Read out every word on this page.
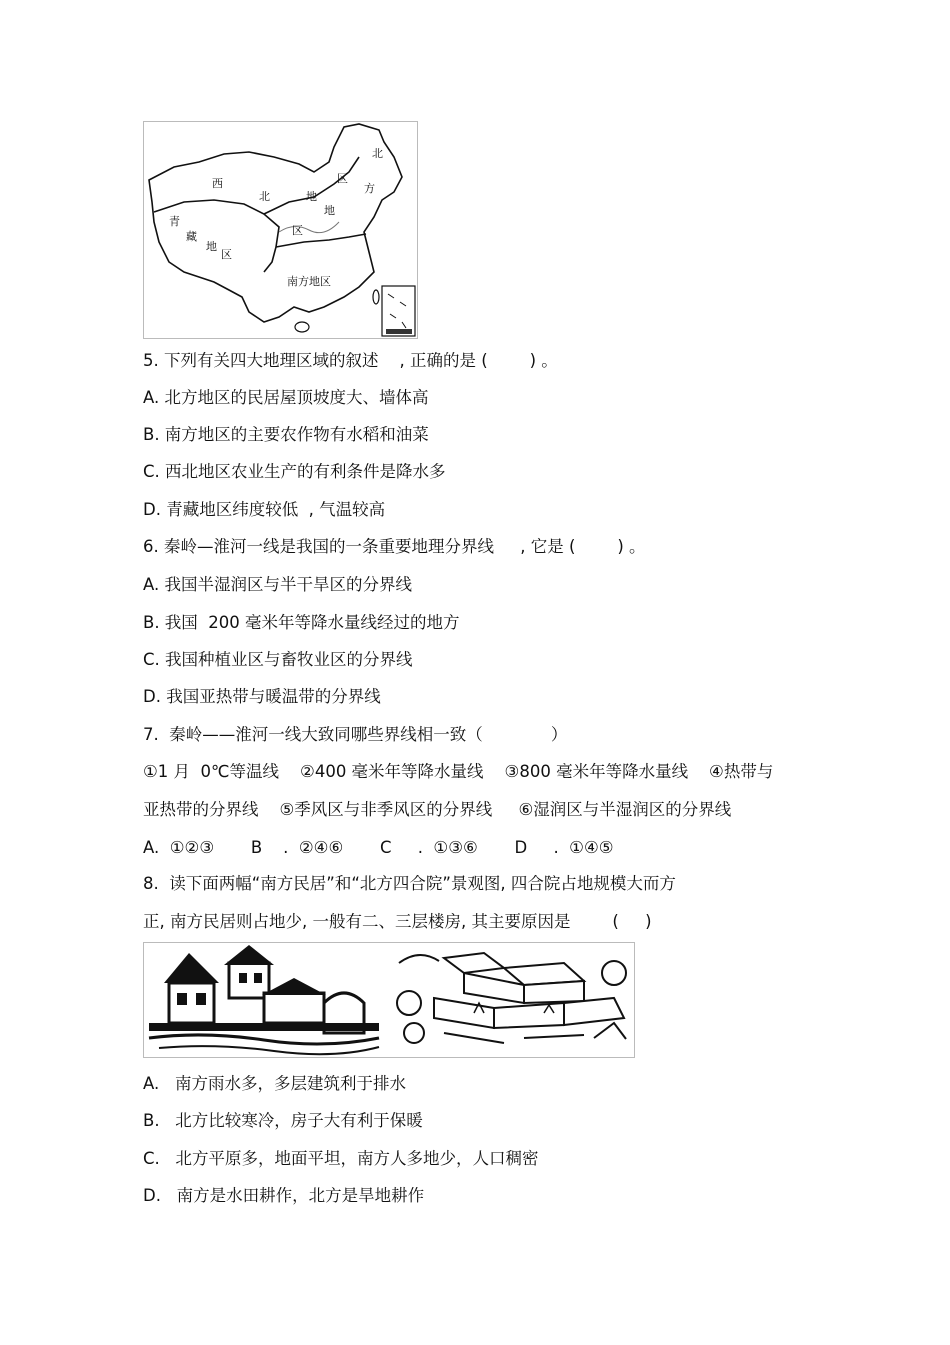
西
北	地
区
北
方
地
区
青
藏
地
区
南方地区
5. 下列有关四大地理区域的叙述    , 正确的是 (        ) 。
A. 北方地区的民居屋顶坡度大、墙体高
B. 南方地区的主要农作物有水稻和油菜
C. 西北地区农业生产的有利条件是降水多
D. 青藏地区纬度较低  , 气温较高
6. 秦岭—淮河一线是我国的一条重要地理分界线     , 它是 (        ) 。
A. 我国半湿润区与半干旱区的分界线
B. 我国  200 毫米年等降水量线经过的地方
C. 我国种植业区与畜牧业区的分界线
D. 我国亚热带与暖温带的分界线
7.  秦岭——淮河一线大致同哪些界线相一致（             ）
①1 月  0℃等温线    ②400 毫米年等降水量线    ③800 毫米年等降水量线    ④热带与
亚热带的分界线    ⑤季风区与非季风区的分界线     ⑥湿润区与半湿润区的分界线
A.  ①②③       B    .  ②④⑥       C     .  ①③⑥       D     .  ①④⑤
8.  读下面两幅“南方民居”和“北方四合院”景观图, 四合院占地规模大而方
正, 南方民居则占地少, 一般有二、三层楼房, 其主要原因是        (     )
A.   南方雨水多，多层建筑利于排水
B.   北方比较寒冷，房子大有利于保暖
C.   北方平原多，地面平坦，南方人多地少，人口稠密
D.   南方是水田耕作，北方是旱地耕作
